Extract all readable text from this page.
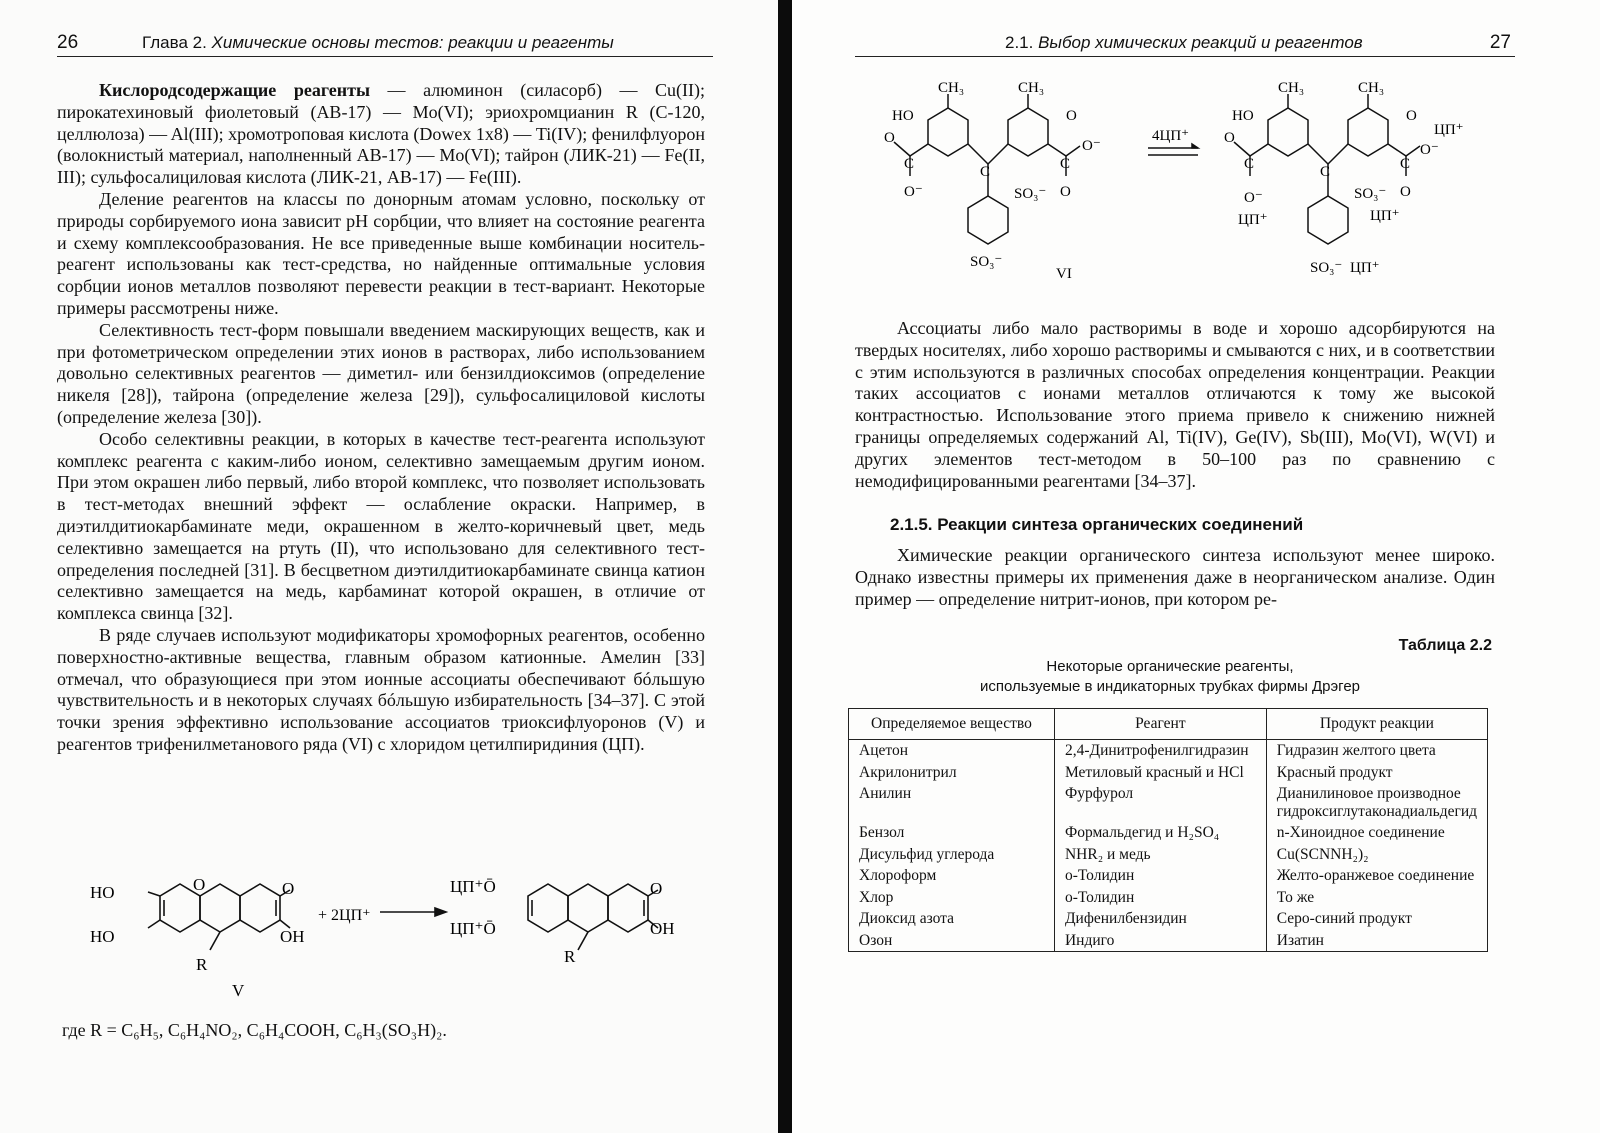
26	Глава 2. Химические основы тестов: реакции и реагенты

Кислородсодержащие реагенты — алюминон (силасорб) — Cu(II); пирокатехиновый фиолетовый (АВ-17) — Mo(VI); эриохромцианин R (С-120, целлюлоза) — Al(III); хромотроповая кислота (Dowex 1x8) — Ti(IV); фенилфлуорон (волокнистый материал, наполненный АВ-17) — Mo(VI); тайрон (ЛИК-21) — Fe(II, III); сульфосалициловая кислота (ЛИК-21, АВ-17) — Fe(III).

Деление реагентов на классы по донорным атомам условно, поскольку от природы сорбируемого иона зависит pH сорбции, что влияет на состояние реагента и схему комплексообразования. Не все приведенные выше комбинации носитель-реагент использованы как тест-средства, но найденные оптимальные условия сорбции ионов металлов позволяют перевести реакции в тест-вариант. Некоторые примеры рассмотрены ниже.

Селективность тест-форм повышали введением маскирующих веществ, как и при фотометрическом определении этих ионов в растворах, либо использованием довольно селективных реагентов — диметил- или бензилдиоксимов (определение никеля [28]), тайрона (определение железа [29]), сульфосалициловой кислоты (определение железа [30]).

Особо селективны реакции, в которых в качестве тест-реагента используют комплекс реагента с каким-либо ионом, селективно замещаемым другим ионом. При этом окрашен либо первый, либо второй комплекс, что позволяет использовать в тест-методах внешний эффект — ослабление окраски. Например, в диэтилдитиокарбаминате меди, окрашенном в желто-коричневый цвет, медь селективно замещается на ртуть (II), что использовано для селективного тест-определения последней [31]. В бесцветном диэтилдитиокарбаминате свинца катион селективно замещается на медь, карбаминат которой окрашен, в отличие от комплекса свинца [32].

В ряде случаев используют модификаторы хромофорных реагентов, особенно поверхностно-активные вещества, главным образом катионные. Амелин [33] отмечал, что образующиеся при этом ионные ассоциаты обеспечивают бóльшую чувствительность и в некоторых случаях бóльшую избирательность [34–37]. С этой точки зрения эффективно использование ассоциатов триоксифлуоронов (V) и реагентов трифенилметанового ряда (VI) с хлоридом цетилпиридиния (ЦП).

HO
HO
O	O
OH
R
+ 2ЦП⁺
ЦП⁺Ō
ЦП⁺Ō
O
OH
R
V
где R = C₆H₅, C₆H₄NO₂, C₆H₄COOH, C₆H₃(SO₃H)₂.
2.1. Выбор химических реакций и реагентов	27
CH₃	CH₃
HO	O
O
C	C	C
O⁻
O⁻	O
SO₃⁻
SO₃⁻
VI
4ЦП⁺
CH₃	CH₃
HO	O
O
C	C	C
ЦП⁺
O⁻
O⁻
ЦП⁺
SO₃⁻ O
ЦП⁺
SO₃⁻ ЦП⁺

Ассоциаты либо мало растворимы в воде и хорошо адсорбируются на твердых носителях, либо хорошо растворимы и смываются с них, и в соответствии с этим используются в различных способах определения концентрации. Реакции таких ассоциатов с ионами металлов отличаются к тому же высокой контрастностью. Использование этого приема привело к снижению нижней границы определяемых содержаний Al, Ti(IV), Ge(IV), Sb(III), Mo(VI), W(VI) и других элементов тест-методом в 50–100 раз по сравнению с немодифицированными реагентами [34–37].

2.1.5. Реакции синтеза органических соединений

Химические реакции органического синтеза используют менее широко. Однако известны примеры их применения даже в неорганическом анализе. Один пример — определение нитрит-ионов, при котором ре-

Таблица 2.2
Некоторые органические реагенты,
используемые в индикаторных трубках фирмы Дрэгер
Определяемое вещество	Реагент	Продукт реакции
Ацетон	2,4-Динитрофенилгидразин	Гидразин желтого цвета
Акрилонитрил	Метиловый красный и HCl	Красный продукт
Анилин	Фурфурол	Дианилиновое производное гидроксиглутаконадиальдегид
Бензол	Формальдегид и H₂SO₄	n-Хиноидное соединение
Дисульфид углерода	NHR₂ и медь	Cu(SCNNH₂)₂
Хлороформ	o-Толидин	Желто-оранжевое соединение
Хлор	o-Толидин	То же
Диоксид азота	Дифенилбензидин	Серо-синий продукт
Озон	Индиго	Изатин
